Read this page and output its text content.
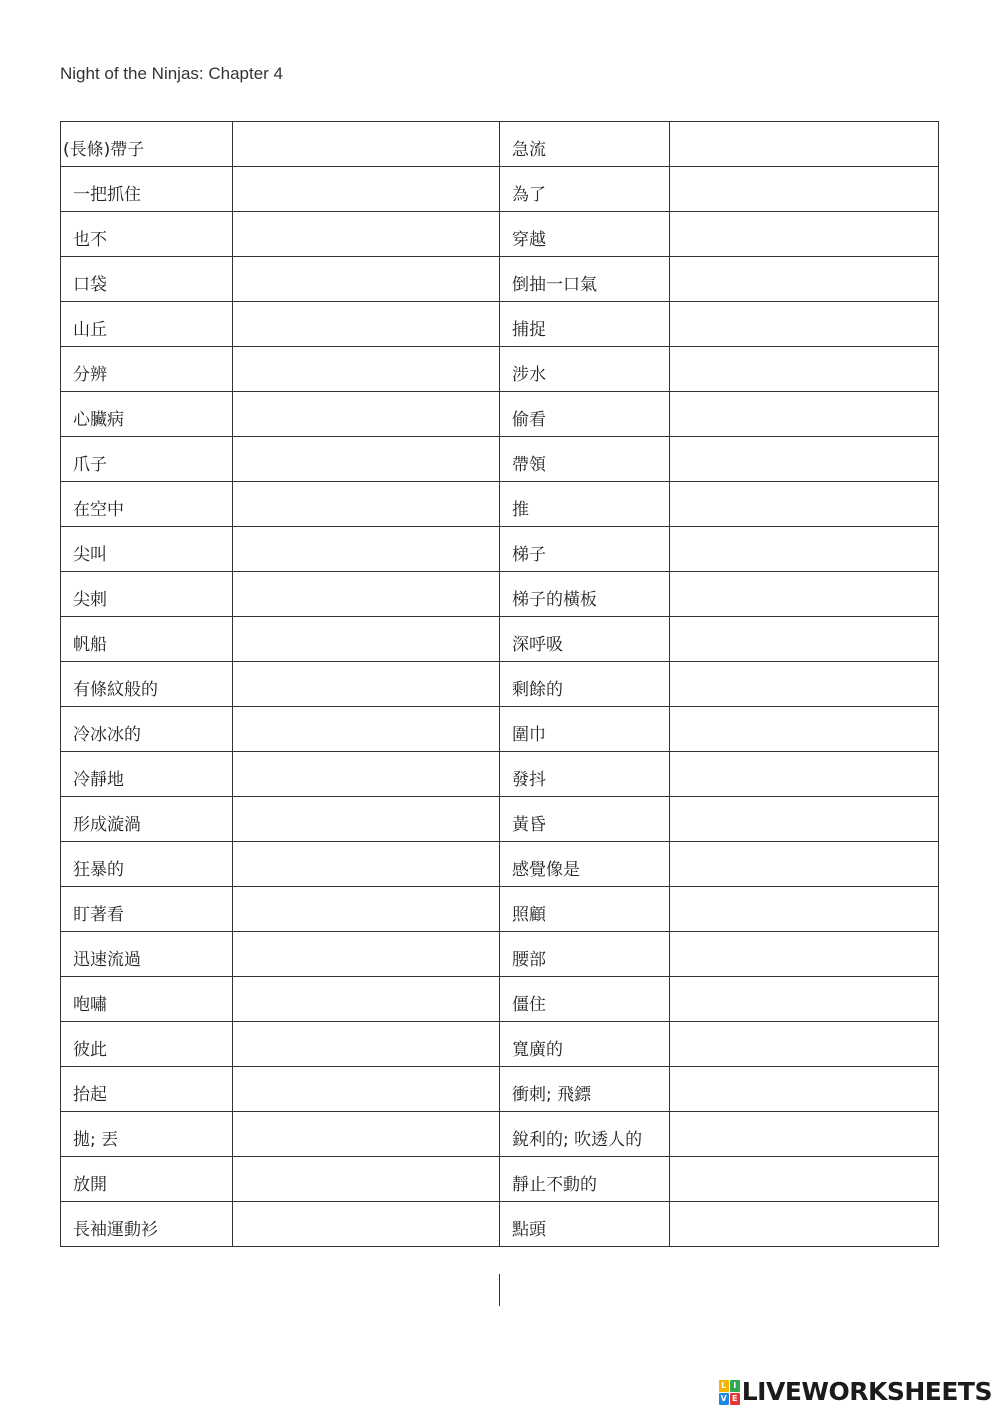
Night of the Ninjas: Chapter 4
(長條)帶子		急流	
一把抓住		為了	
也不		穿越	
口袋		倒抽一口氣	
山丘		捕捉	
分辨		涉水	
心臟病		偷看	
爪子		帶領	
在空中		推	
尖叫		梯子	
尖刺		梯子的橫板	
帆船		深呼吸	
有條紋般的		剩餘的	
冷冰冰的		圍巾	
冷靜地		發抖	
形成漩渦		黃昏	
狂暴的		感覺像是	
盯著看		照顧	
迅速流過		腰部	
咆嘯		僵住	
彼此		寬廣的	
抬起		衝刺; 飛鏢	
拋; 丟		銳利的; 吹透人的	
放開		靜止不動的	
長袖運動衫		點頭	
L I
V E LIVEWORKSHEETS
